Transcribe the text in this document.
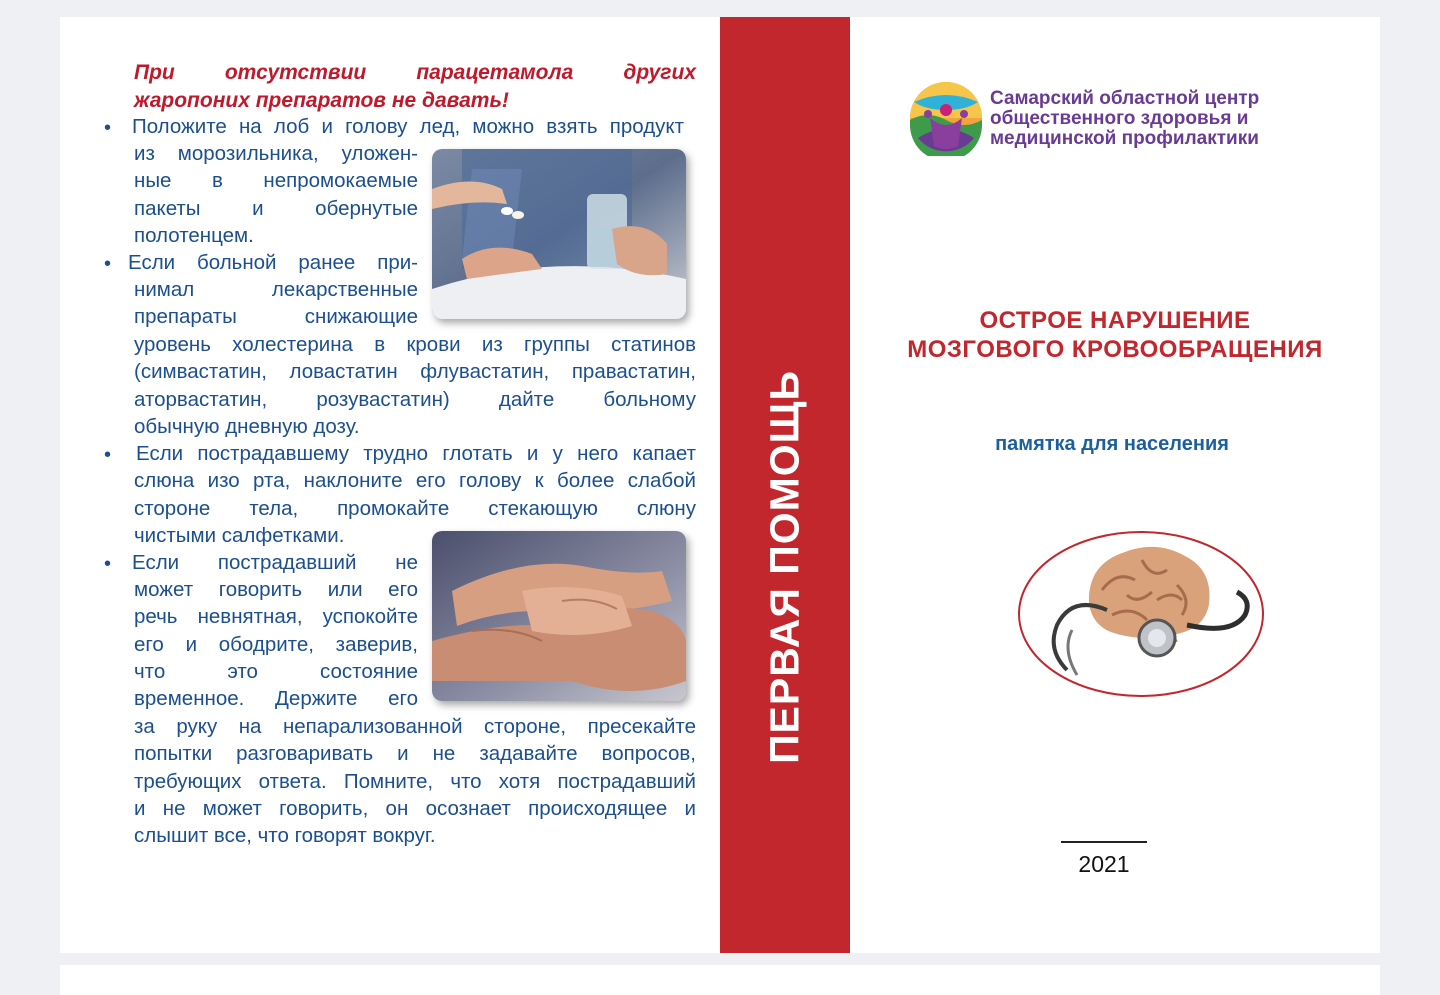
При отсутствии парацетамола других
жаропоних препаратов не давать!
• Положите на лоб и голову лед, можно взять продукт
из морозильника, уложен-
ные в непромокаемые
пакеты и обернутые
полотенцем.
• Если больной ранее при-
нимал лекарственные
препараты снижающие
уровень холестерина в крови из группы статинов
(симвастатин, ловастатин флувастатин, правастатин,
аторвастатин, розувастатин) дайте больному
обычную дневную дозу.
• Если пострадавшему трудно глотать и у него капает
слюна изо рта, наклоните его голову к более слабой
стороне тела, промокайте стекающую слюну
чистыми салфетками.
• Если пострадавший не
может говорить или его
речь невнятная, успокойте
его и ободрите, заверив,
что это состояние
временное. Держите его
за руку на непарализованной стороне, пресекайте
попытки разговаривать и не задавайте вопросов,
требующих ответа. Помните, что хотя пострадавший
и не может говорить, он осознает происходящее и
слышит все, что говорят вокруг.
ПЕРВАЯ ПОМОЩЬ
Самарский областной центр
общественного здоровья и
медицинской профилактики
ОСТРОЕ НАРУШЕНИЕ
МОЗГОВОГО КРОВООБРАЩЕНИЯ
памятка для населения
2021
